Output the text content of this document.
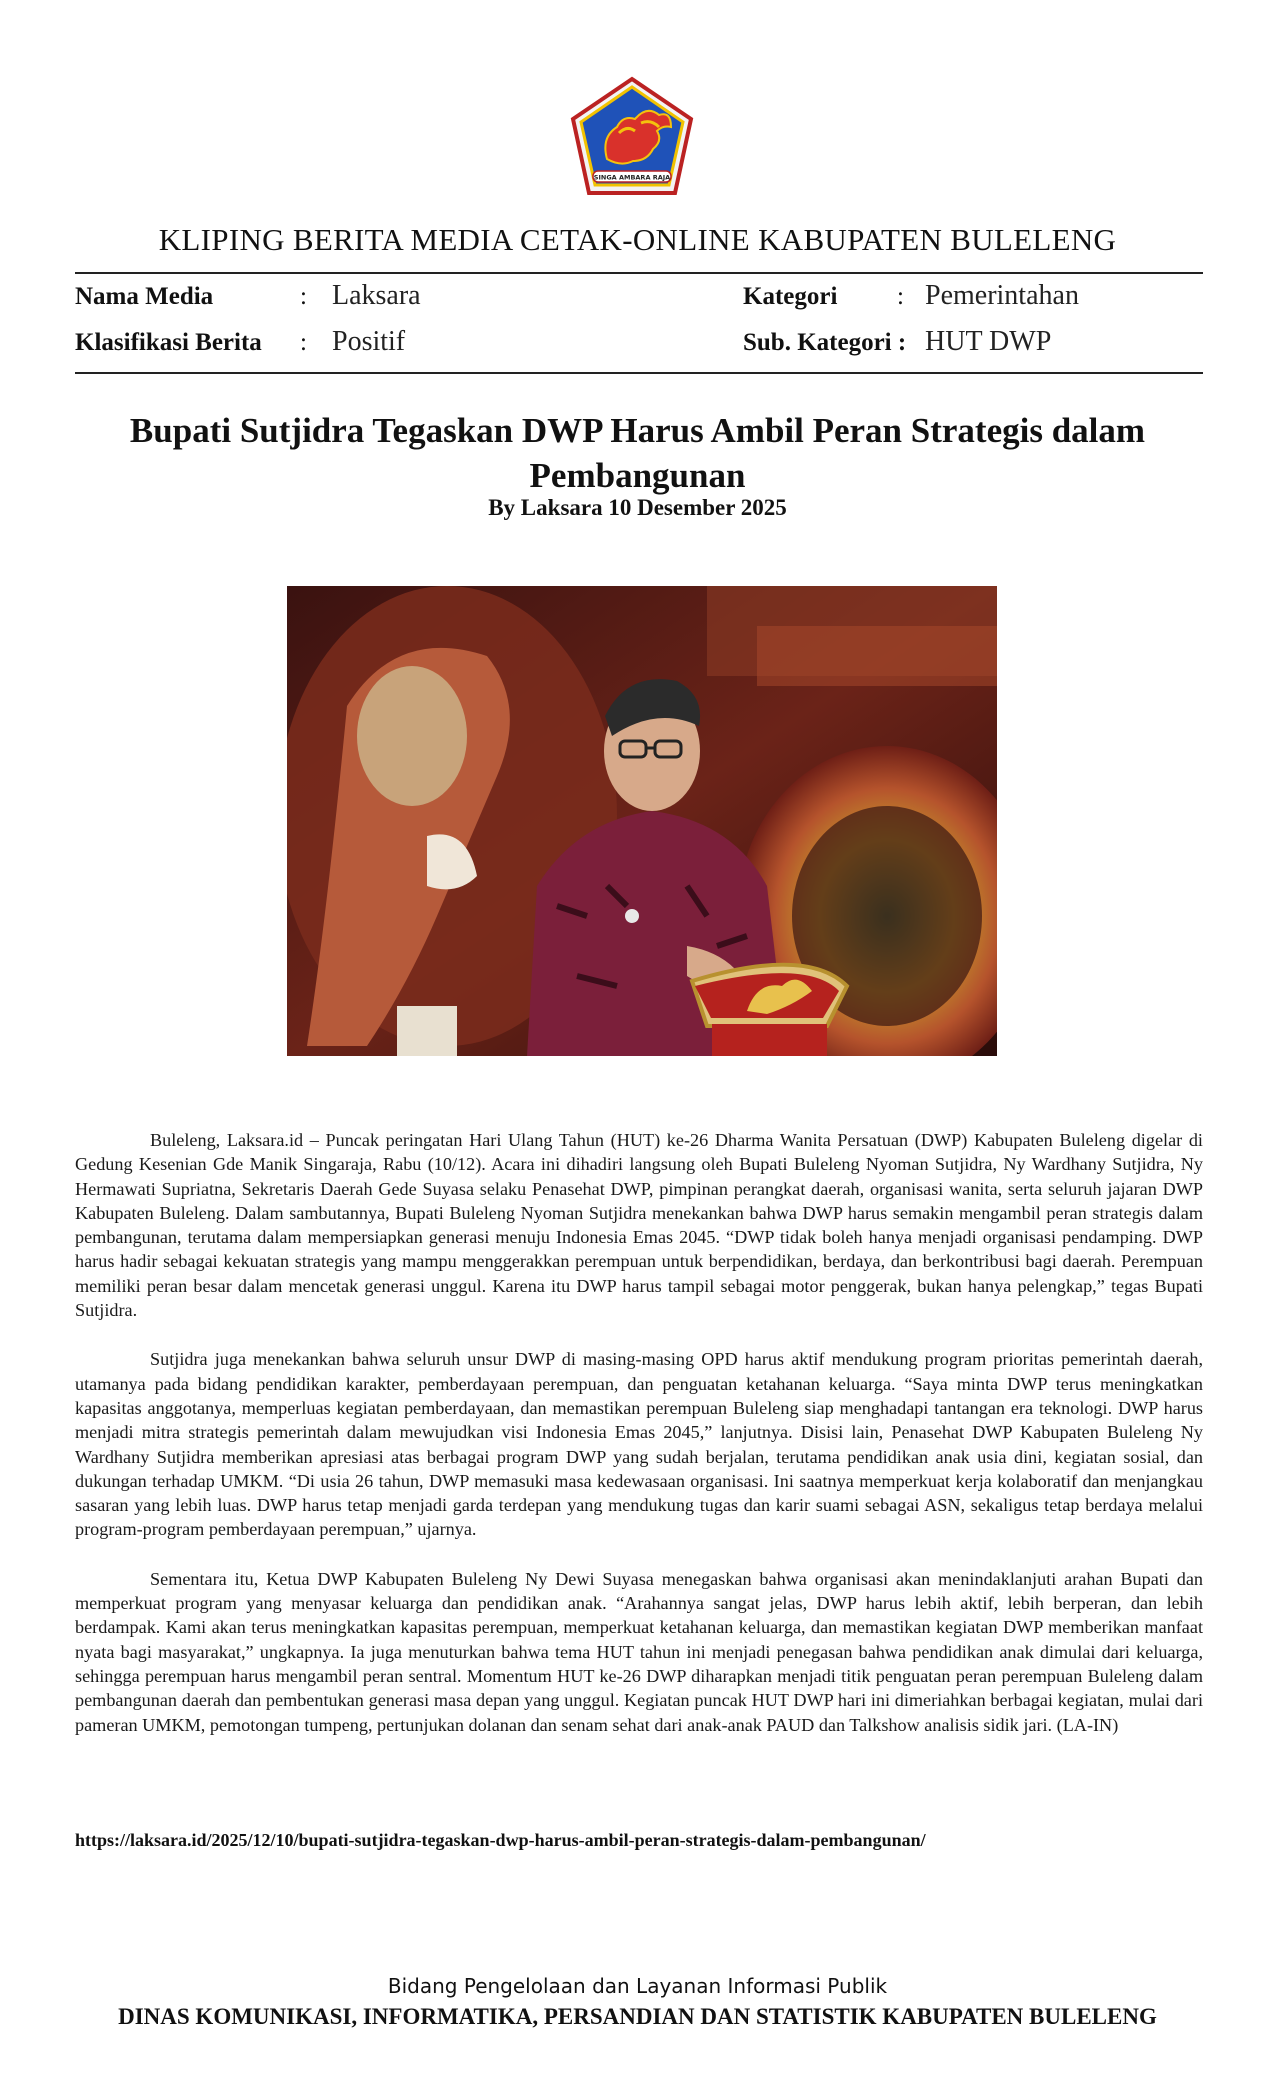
SINGA AMBARA RAJA
KLIPING BERITA MEDIA CETAK-ONLINE KABUPATEN BULELENG
Nama Media	: Laksara	Kategori : Pemerintahan
Klasifikasi Berita : Positif	Sub. Kategori : HUT DWP
Bupati Sutjidra Tegaskan DWP Harus Ambil Peran Strategis dalam Pembangunan
By Laksara 10 Desember 2025

Buleleng, Laksara.id – Puncak peringatan Hari Ulang Tahun (HUT) ke-26 Dharma Wanita Persatuan (DWP) Kabupaten Buleleng digelar di Gedung Kesenian Gde Manik Singaraja, Rabu (10/12). Acara ini dihadiri langsung oleh Bupati Buleleng Nyoman Sutjidra, Ny Wardhany Sutjidra, Ny Hermawati Supriatna, Sekretaris Daerah Gede Suyasa selaku Penasehat DWP, pimpinan perangkat daerah, organisasi wanita, serta seluruh jajaran DWP Kabupaten Buleleng. Dalam sambutannya, Bupati Buleleng Nyoman Sutjidra menekankan bahwa DWP harus semakin mengambil peran strategis dalam pembangunan, terutama dalam mempersiapkan generasi menuju Indonesia Emas 2045. “DWP tidak boleh hanya menjadi organisasi pendamping. DWP harus hadir sebagai kekuatan strategis yang mampu menggerakkan perempuan untuk berpendidikan, berdaya, dan berkontribusi bagi daerah. Perempuan memiliki peran besar dalam mencetak generasi unggul. Karena itu DWP harus tampil sebagai motor penggerak, bukan hanya pelengkap,” tegas Bupati Sutjidra.

Sutjidra juga menekankan bahwa seluruh unsur DWP di masing-masing OPD harus aktif mendukung program prioritas pemerintah daerah, utamanya pada bidang pendidikan karakter, pemberdayaan perempuan, dan penguatan ketahanan keluarga. “Saya minta DWP terus meningkatkan kapasitas anggotanya, memperluas kegiatan pemberdayaan, dan memastikan perempuan Buleleng siap menghadapi tantangan era teknologi. DWP harus menjadi mitra strategis pemerintah dalam mewujudkan visi Indonesia Emas 2045,” lanjutnya. Disisi lain, Penasehat DWP Kabupaten Buleleng Ny Wardhany Sutjidra memberikan apresiasi atas berbagai program DWP yang sudah berjalan, terutama pendidikan anak usia dini, kegiatan sosial, dan dukungan terhadap UMKM. “Di usia 26 tahun, DWP memasuki masa kedewasaan organisasi. Ini saatnya memperkuat kerja kolaboratif dan menjangkau sasaran yang lebih luas. DWP harus tetap menjadi garda terdepan yang mendukung tugas dan karir suami sebagai ASN, sekaligus tetap berdaya melalui program-program pemberdayaan perempuan,” ujarnya.

Sementara itu, Ketua DWP Kabupaten Buleleng Ny Dewi Suyasa menegaskan bahwa organisasi akan menindaklanjuti arahan Bupati dan memperkuat program yang menyasar keluarga dan pendidikan anak. “Arahannya sangat jelas, DWP harus lebih aktif, lebih berperan, dan lebih berdampak. Kami akan terus meningkatkan kapasitas perempuan, memperkuat ketahanan keluarga, dan memastikan kegiatan DWP memberikan manfaat nyata bagi masyarakat,” ungkapnya. Ia juga menuturkan bahwa tema HUT tahun ini menjadi penegasan bahwa pendidikan anak dimulai dari keluarga, sehingga perempuan harus mengambil peran sentral. Momentum HUT ke-26 DWP diharapkan menjadi titik penguatan peran perempuan Buleleng dalam pembangunan daerah dan pembentukan generasi masa depan yang unggul. Kegiatan puncak HUT DWP hari ini dimeriahkan berbagai kegiatan, mulai dari pameran UMKM, pemotongan tumpeng, pertunjukan dolanan dan senam sehat dari anak-anak PAUD dan Talkshow analisis sidik jari. (LA-IN)

https://laksara.id/2025/12/10/bupati-sutjidra-tegaskan-dwp-harus-ambil-peran-strategis-dalam-pembangunan/
Bidang Pengelolaan dan Layanan Informasi Publik
DINAS KOMUNIKASI, INFORMATIKA, PERSANDIAN DAN STATISTIK KABUPATEN BULELENG
